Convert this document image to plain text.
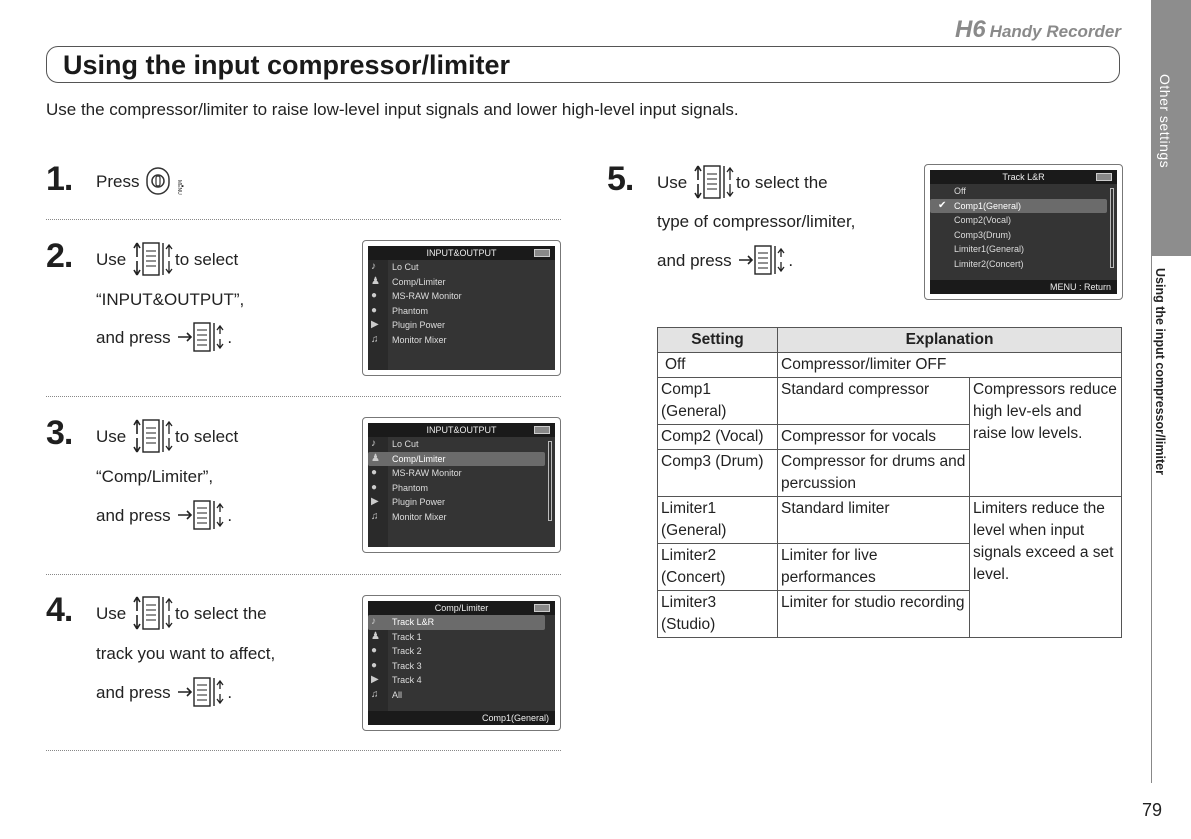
H6 Handy Recorder
Using the input compressor/limiter
Use the compressor/limiter to raise low-level input signals and lower high-level input signals.	Other settings
Using the input compressor/limiter
79
1. Press	MENU
.
2. Use	to select
“INPUT&OUTPUT”,
and press	.
INPUT&OUTPUT
♪ Lo Cut
♟ Comp/Limiter
● MS-RAW Monitor
● Phantom
▶ Plugin Power
♫ Monitor Mixer
3. Use	to select
“Comp/Limiter”,
and press	.
INPUT&OUTPUT
♪ Lo Cut
♟ Comp/Limiter
● MS-RAW Monitor
● Phantom
▶ Plugin Power
♫ Monitor Mixer
4. Use	to select the
track you want to affect,
and press	.
Comp/Limiter
♪ Track L&R
♟ Track 1
● Track 2
● Track 3
▶ Track 4
♫ All
Comp1(General)
5. Use	to select the
type of compressor/limiter,
and press	.
Track L&R
Off
✔ Comp1(General)
Comp2(Vocal)
Comp3(Drum)
Limiter1(General)
Limiter2(Concert)
MENU : Return
Setting	Explanation	
Off	Compressor/limiter OFF	
Comp1 (General)	Standard compressor	Compressors reduce high lev-els and raise low levels.
Comp2 (Vocal)	Compressor for vocals	
Comp3 (Drum)	Compressor for drums and percussion	
Limiter1 (General)	Standard limiter	Limiters reduce the level when input signals exceed a set level.
Limiter2 (Concert)	Limiter for live performances	
Limiter3 (Studio)	Limiter for studio recording	
